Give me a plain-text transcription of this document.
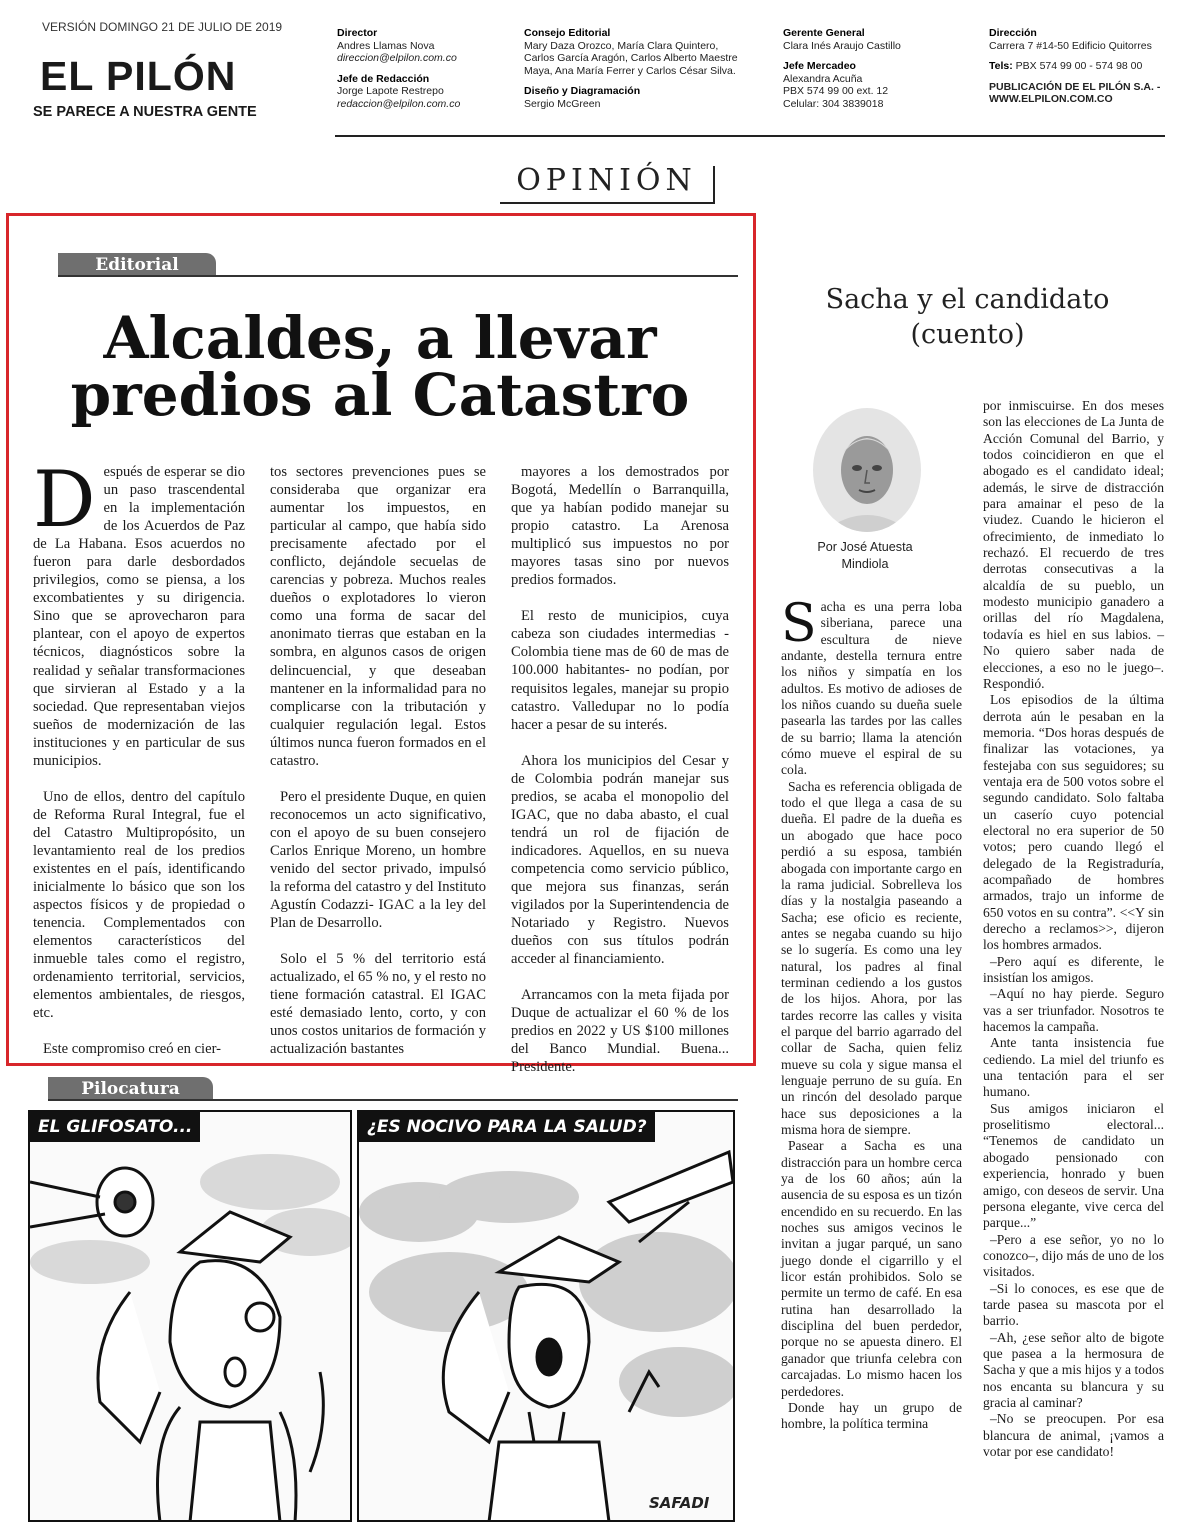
VERSIÓN DOMINGO 21 DE JULIO DE 2019
EL PILÓN
SE PARECE A NUESTRA GENTE
Director
Andres Llamas Nova
direccion@elpilon.com.co
Jefe de Redacción
Jorge Lapote Restrepo
redaccion@elpilon.com.co
Consejo Editorial
Mary Daza Orozco, María Clara Quintero,
Carlos García Aragón, Carlos Alberto Maestre
Maya, Ana María Ferrer y Carlos César Silva.
Diseño y Diagramación
Sergio McGreen
Gerente General
Clara Inés Araujo Castillo
Jefe Mercadeo
Alexandra Acuña
PBX 574 99 00 ext. 12
Celular: 304 3839018
Dirección
Carrera 7 #14-50 Edificio Quitorres
Tels: PBX 574 99 00 - 574 98 00
PUBLICACIÓN DE EL PILÓN S.A. -
WWW.ELPILON.COM.CO
OPINIÓN
Editorial
Alcaldes, a llevar predios al Catastro

Después de esperar se dio un paso trascendental en la implementación de los Acuerdos de Paz de La Habana. Esos acuerdos no fueron para darle desbordados privilegios, como se piensa, a los excombatientes y su dirigencia. Sino que se aprovecharon para plantear, con el apoyo de expertos técnicos, diagnósticos sobre la realidad y señalar transformaciones que sirvieran al Estado y a la sociedad. Que representaban viejos sueños de modernización de las instituciones y en particular de sus municipios.

Uno de ellos, dentro del capítulo de Reforma Rural Integral, fue el del Catastro Multipropósito, un levantamiento real de los predios existentes en el país, identificando inicialmente lo básico que son los aspectos físicos y de propiedad o tenencia. Complementados con elementos característicos del inmueble tales como el registro, ordenamiento territorial, servicios, elementos ambientales, de riesgos, etc.

Este compromiso creó en cier-

tos sectores prevenciones pues se consideraba que organizar era aumentar los impuestos, en particular al campo, que había sido precisamente afectado por el conflicto, dejándole secuelas de carencias y pobreza. Muchos reales dueños o explotadores lo vieron como una forma de sacar del anonimato tierras que estaban en la sombra, en algunos casos de origen delincuencial, y que deseaban mantener en la informalidad para no complicarse con la tributación y cualquier regulación legal. Estos últimos nunca fueron formados en el catastro.

Pero el presidente Duque, en quien reconocemos un acto significativo, con el apoyo de su buen consejero Carlos Enrique Moreno, un hombre venido del sector privado, impulsó la reforma del catastro y del Instituto Agustín Codazzi- IGAC a la ley del Plan de Desarrollo.

Solo el 5 % del territorio está actualizado, el 65 % no, y el resto no tiene formación catastral. El IGAC esté demasiado lento, corto, y con unos costos unitarios de formación y actualización bastantes

mayores a los demostrados por Bogotá, Medellín o Barranquilla, que ya habían podido manejar su propio catastro. La Arenosa multiplicó sus impuestos no por mayores tasas sino por nuevos predios formados.

El resto de municipios, cuya cabeza son ciudades intermedias - Colombia tiene mas de 60 de mas de 100.000 habitantes- no podían, por requisitos legales, manejar su propio catastro. Valledupar no lo podía hacer a pesar de su interés.

Ahora los municipios del Cesar y de Colombia podrán manejar sus predios, se acaba el monopolio del IGAC, que no daba abasto, el cual tendrá un rol de fijación de indicadores. Aquellos, en su nueva competencia como servicio público, que mejora sus finanzas, serán vigilados por la Superintendencia de Notariado y Registro. Nuevos dueños con sus títulos podrán acceder al financiamiento.

Arrancamos con la meta fijada por Duque de actualizar el 60 % de los predios en 2022 y US $100 millones del Banco Mundial. Buena... Presidente.

Pilocatura
EL GLIFOSATO...	¿ES NOCIVO PARA LA SALUD?
SAFADI
Sacha y el candidato
(cuento)
Por José Atuesta
Mindiola

Sacha es una perra loba siberiana, parece una escultura de nieve andante, destella ternura entre los niños y simpatía en los adultos. Es motivo de adioses de los niños cuando su dueña suele pasearla las tardes por las calles de su barrio; llama la atención cómo mueve el espiral de su cola.

Sacha es referencia obligada de todo el que llega a casa de su dueña. El padre de la dueña es un abogado que hace poco perdió a su esposa, también abogada con importante cargo en la rama judicial. Sobrelleva los días y la nostalgia paseando a Sacha; ese oficio es reciente, antes se negaba cuando su hijo se lo sugería. Es como una ley natural, los padres al final terminan cediendo a los gustos de los hijos. Ahora, por las tardes recorre las calles y visita el parque del barrio agarrado del collar de Sacha, quien feliz mueve su cola y sigue mansa el lenguaje perruno de su guía. En un rincón del desolado parque hace sus deposiciones a la misma hora de siempre.

Pasear a Sacha es una distracción para un hombre cerca ya de los 60 años; aún la ausencia de su esposa es un tizón encendido en su recuerdo. En las noches sus amigos vecinos le invitan a jugar parqué, un sano juego donde el cigarrillo y el licor están prohibidos. Solo se permite un termo de café. En esa rutina han desarrollado la disciplina del buen perdedor, porque no se apuesta dinero. El ganador que triunfa celebra con carcajadas. Lo mismo hacen los perdedores.

Donde hay un grupo de hombre, la política termina

por inmiscuirse. En dos meses son las elecciones de La Junta de Acción Comunal del Barrio, y todos coincidieron en que el abogado es el candidato ideal; además, le sirve de distracción para amainar el peso de la viudez. Cuando le hicieron el ofrecimiento, de inmediato lo rechazó. El recuerdo de tres derrotas consecutivas a la alcaldía de su pueblo, un modesto municipio ganadero a orillas del río Magdalena, todavía es hiel en sus labios. –No quiero saber nada de elecciones, a eso no le juego–. Respondió.

Los episodios de la última derrota aún le pesaban en la memoria. “Dos horas después de finalizar las votaciones, ya festejaba con sus seguidores; su ventaja era de 500 votos sobre el segundo candidato. Solo faltaba un caserío cuyo potencial electoral no era superior de 50 votos; pero cuando llegó el delegado de la Registraduría, acompañado de hombres armados, trajo un informe de 650 votos en su contra”. <<Y sin derecho a reclamos>>, dijeron los hombres armados.

–Pero aquí es diferente, le insistían los amigos.

–Aquí no hay pierde. Seguro vas a ser triunfador. Nosotros te hacemos la campaña.

Ante tanta insistencia fue cediendo. La miel del triunfo es una tentación para el ser humano.

Sus amigos iniciaron el proselitismo electoral... “Tenemos de candidato un abogado pensionado con experiencia, honrado y buen amigo, con deseos de servir. Una persona elegante, vive cerca del parque...”

–Pero a ese señor, yo no lo conozco–, dijo más de uno de los visitados.

–Si lo conoces, es ese que de tarde pasea su mascota por el barrio.

–Ah, ¿ese señor alto de bigote que pasea a la hermosura de Sacha y que a mis hijos y a todos nos encanta su blancura y su gracia al caminar?

–No se preocupen. Por esa blancura de animal, ¡vamos a votar por ese candidato!
